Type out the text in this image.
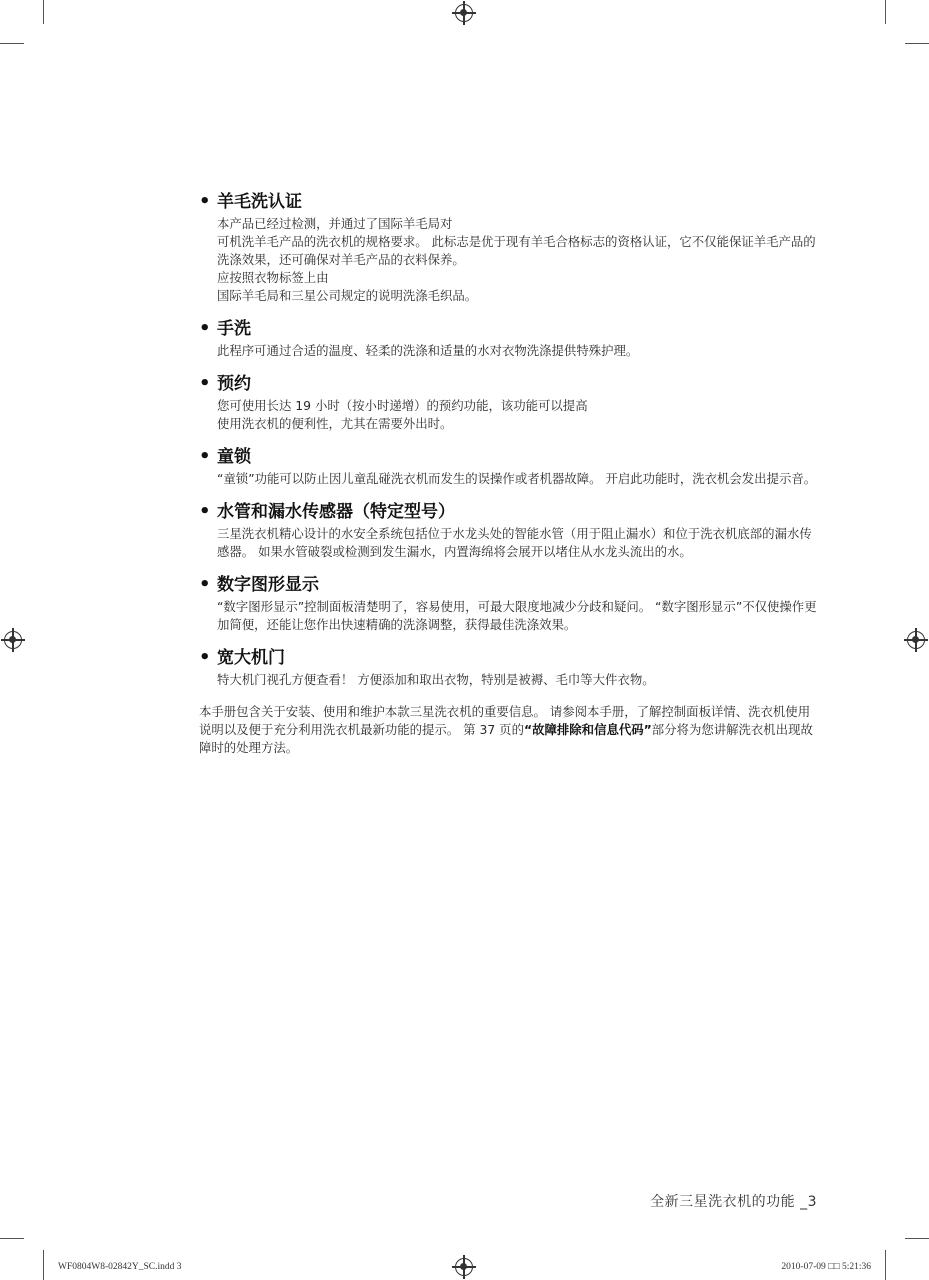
• 羊毛洗认证

本产品已经过检测，并通过了国际羊毛局对
可机洗羊毛产品的洗衣机的规格要求。 此标志是优于现有羊毛合格标志的资格认证，它不仅能保证羊毛产品的洗涤效果，还可确保对羊毛产品的衣料保养。
应按照衣物标签上由
国际羊毛局和三星公司规定的说明洗涤毛织品。

• 手洗

此程序可通过合适的温度、轻柔的洗涤和适量的水对衣物洗涤提供特殊护理。

• 预约

您可使用长达 19 小时（按小时递增）的预约功能，该功能可以提高
使用洗衣机的便利性，尤其在需要外出时。

• 童锁

“童锁”功能可以防止因儿童乱碰洗衣机而发生的误操作或者机器故障。 开启此功能时，洗衣机会发出提示音。

• 水管和漏水传感器（特定型号）

三星洗衣机精心设计的水安全系统包括位于水龙头处的智能水管（用于阻止漏水）和位于洗衣机底部的漏水传感器。 如果水管破裂或检测到发生漏水，内置海绵将会展开以堵住从水龙头流出的水。

• 数字图形显示

“数字图形显示”控制面板清楚明了，容易使用，可最大限度地减少分歧和疑问。 “数字图形显示”不仅使操作更加简便，还能让您作出快速精确的洗涤调整，获得最佳洗涤效果。

• 宽大机门

特大机门视孔方便查看！ 方便添加和取出衣物，特别是被褥、毛巾等大件衣物。

本手册包含关于安装、使用和维护本款三星洗衣机的重要信息。 请参阅本手册，了解控制面板详情、洗衣机使用说明以及便于充分利用洗衣机最新功能的提示。 第 37 页的“故障排除和信息代码”部分将为您讲解洗衣机出现故障时的处理方法。

全新三星洗衣机的功能 _3
WF0804W8-02842Y_SC.indd 3	2010-07-09 □□ 5:21:36
